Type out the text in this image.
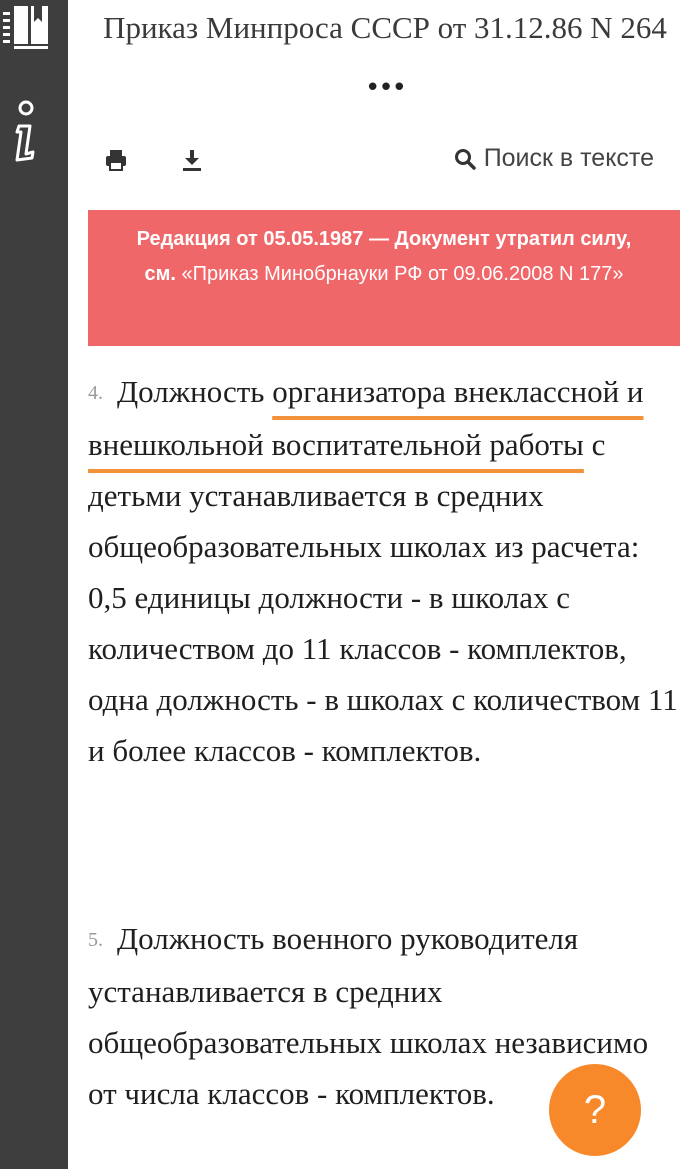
Приказ Минпроса СССР от 31.12.86 N 264
•••
Поиск в тексте
Редакция от 05.05.1987 — Документ утратил силу, см. «Приказ Минобрнауки РФ от 09.06.2008 N 177»
4. Должность организатора внеклассной и внешкольной воспитательной работы с детьми устанавливается в средних общеобразовательных школах из расчета: 0,5 единицы должности - в школах с количеством до 11 классов - комплектов, одна должность - в школах с количеством 11 и более классов - комплектов.
5. Должность военного руководителя устанавливается в средних общеобразовательных школах независимо от числа классов - комплектов.	?
